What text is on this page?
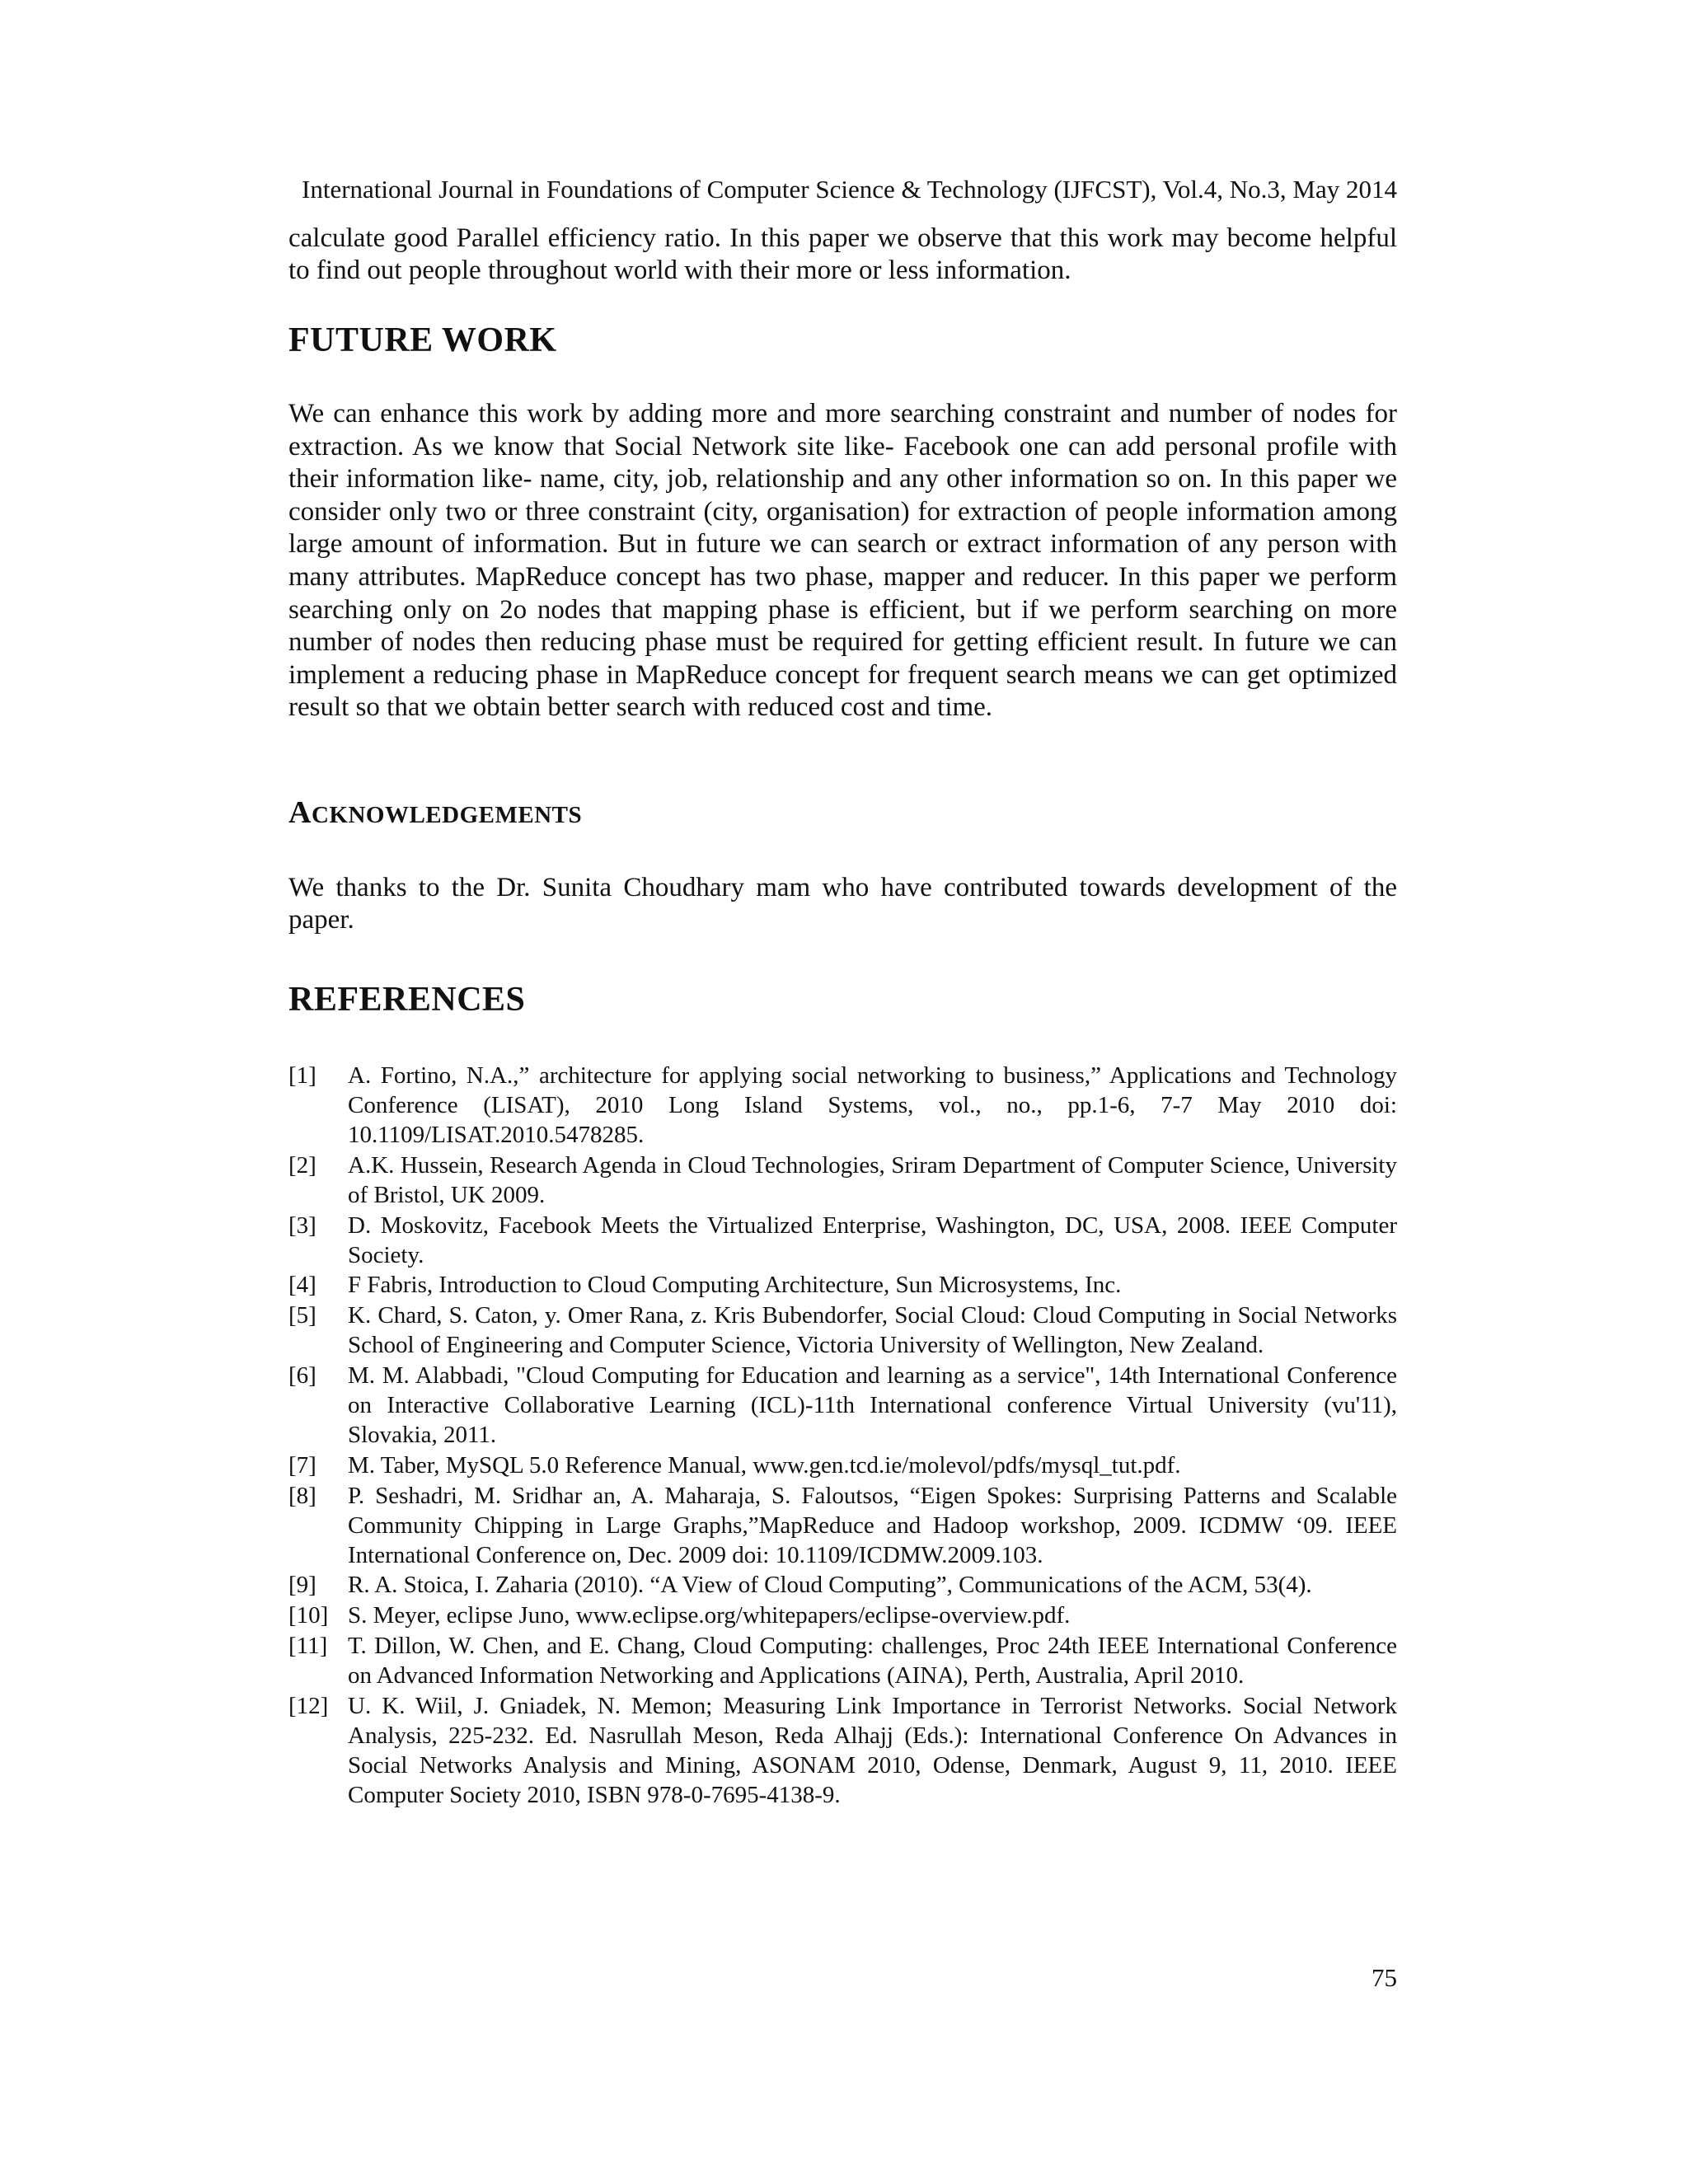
International Journal in Foundations of Computer Science & Technology (IJFCST), Vol.4, No.3, May 2014

calculate good Parallel efficiency ratio. In this paper we observe that this work may become helpful to find out people throughout world with their more or less information.

FUTURE WORK

We can enhance this work by adding more and more searching constraint and number of nodes for extraction. As we know that Social Network site like- Facebook one can add personal profile with their information like- name, city, job, relationship and any other information so on. In this paper we consider only two or three constraint (city, organisation) for extraction of people information among large amount of information. But in future we can search or extract information of any person with many attributes. MapReduce concept has two phase, mapper and reducer. In this paper we perform searching only on 2o nodes that mapping phase is efficient, but if we perform searching on more number of nodes then reducing phase must be required for getting efficient result. In future we can implement a reducing phase in MapReduce concept for frequent search means we can get optimized result so that we obtain better search with reduced cost and time.

ACKNOWLEDGEMENTS

We thanks to the Dr. Sunita Choudhary mam who have contributed towards development of the paper.

REFERENCES
[1]	A. Fortino, N.A.,” architecture for applying social networking to business,” Applications and Technology Conference (LISAT), 2010 Long Island Systems, vol., no., pp.1-6, 7-7 May 2010 doi: 10.1109/LISAT.2010.5478285.
[2]	A.K. Hussein, Research Agenda in Cloud Technologies, Sriram Department of Computer Science, University of Bristol, UK 2009.
[3]	D. Moskovitz, Facebook Meets the Virtualized Enterprise, Washington, DC, USA, 2008. IEEE Computer Society.
[4]	F Fabris, Introduction to Cloud Computing Architecture, Sun Microsystems, Inc.
[5]	K. Chard, S. Caton, y. Omer Rana, z. Kris Bubendorfer, Social Cloud: Cloud Computing in Social Networks School of Engineering and Computer Science, Victoria University of Wellington, New Zealand.
[6]	M. M. Alabbadi, "Cloud Computing for Education and learning as a service", 14th International Conference on Interactive Collaborative Learning (ICL)-11th International conference Virtual University (vu'11), Slovakia, 2011.
[7]	M. Taber, MySQL 5.0 Reference Manual, www.gen.tcd.ie/molevol/pdfs/mysql_tut.pdf.
[8]	P. Seshadri, M. Sridhar an, A. Maharaja, S. Faloutsos, “Eigen Spokes: Surprising Patterns and Scalable Community Chipping in Large Graphs,”MapReduce and Hadoop workshop, 2009. ICDMW ‘09. IEEE International Conference on, Dec. 2009 doi: 10.1109/ICDMW.2009.103.
[9]	R. A. Stoica, I. Zaharia (2010). “A View of Cloud Computing”, Communications of the ACM, 53(4).
[10] S. Meyer, eclipse Juno, www.eclipse.org/whitepapers/eclipse-overview.pdf.
[11] T. Dillon, W. Chen, and E. Chang, Cloud Computing: challenges, Proc 24th IEEE International Conference on Advanced Information Networking and Applications (AINA), Perth, Australia, April 2010.
[12] U. K. Wiil, J. Gniadek, N. Memon; Measuring Link Importance in Terrorist Networks. Social Network Analysis, 225-232. Ed. Nasrullah Meson, Reda Alhajj (Eds.): International Conference On Advances in Social Networks Analysis and Mining, ASONAM 2010, Odense, Denmark, August 9, 11, 2010. IEEE Computer Society 2010, ISBN 978-0-7695-4138-9.
75
